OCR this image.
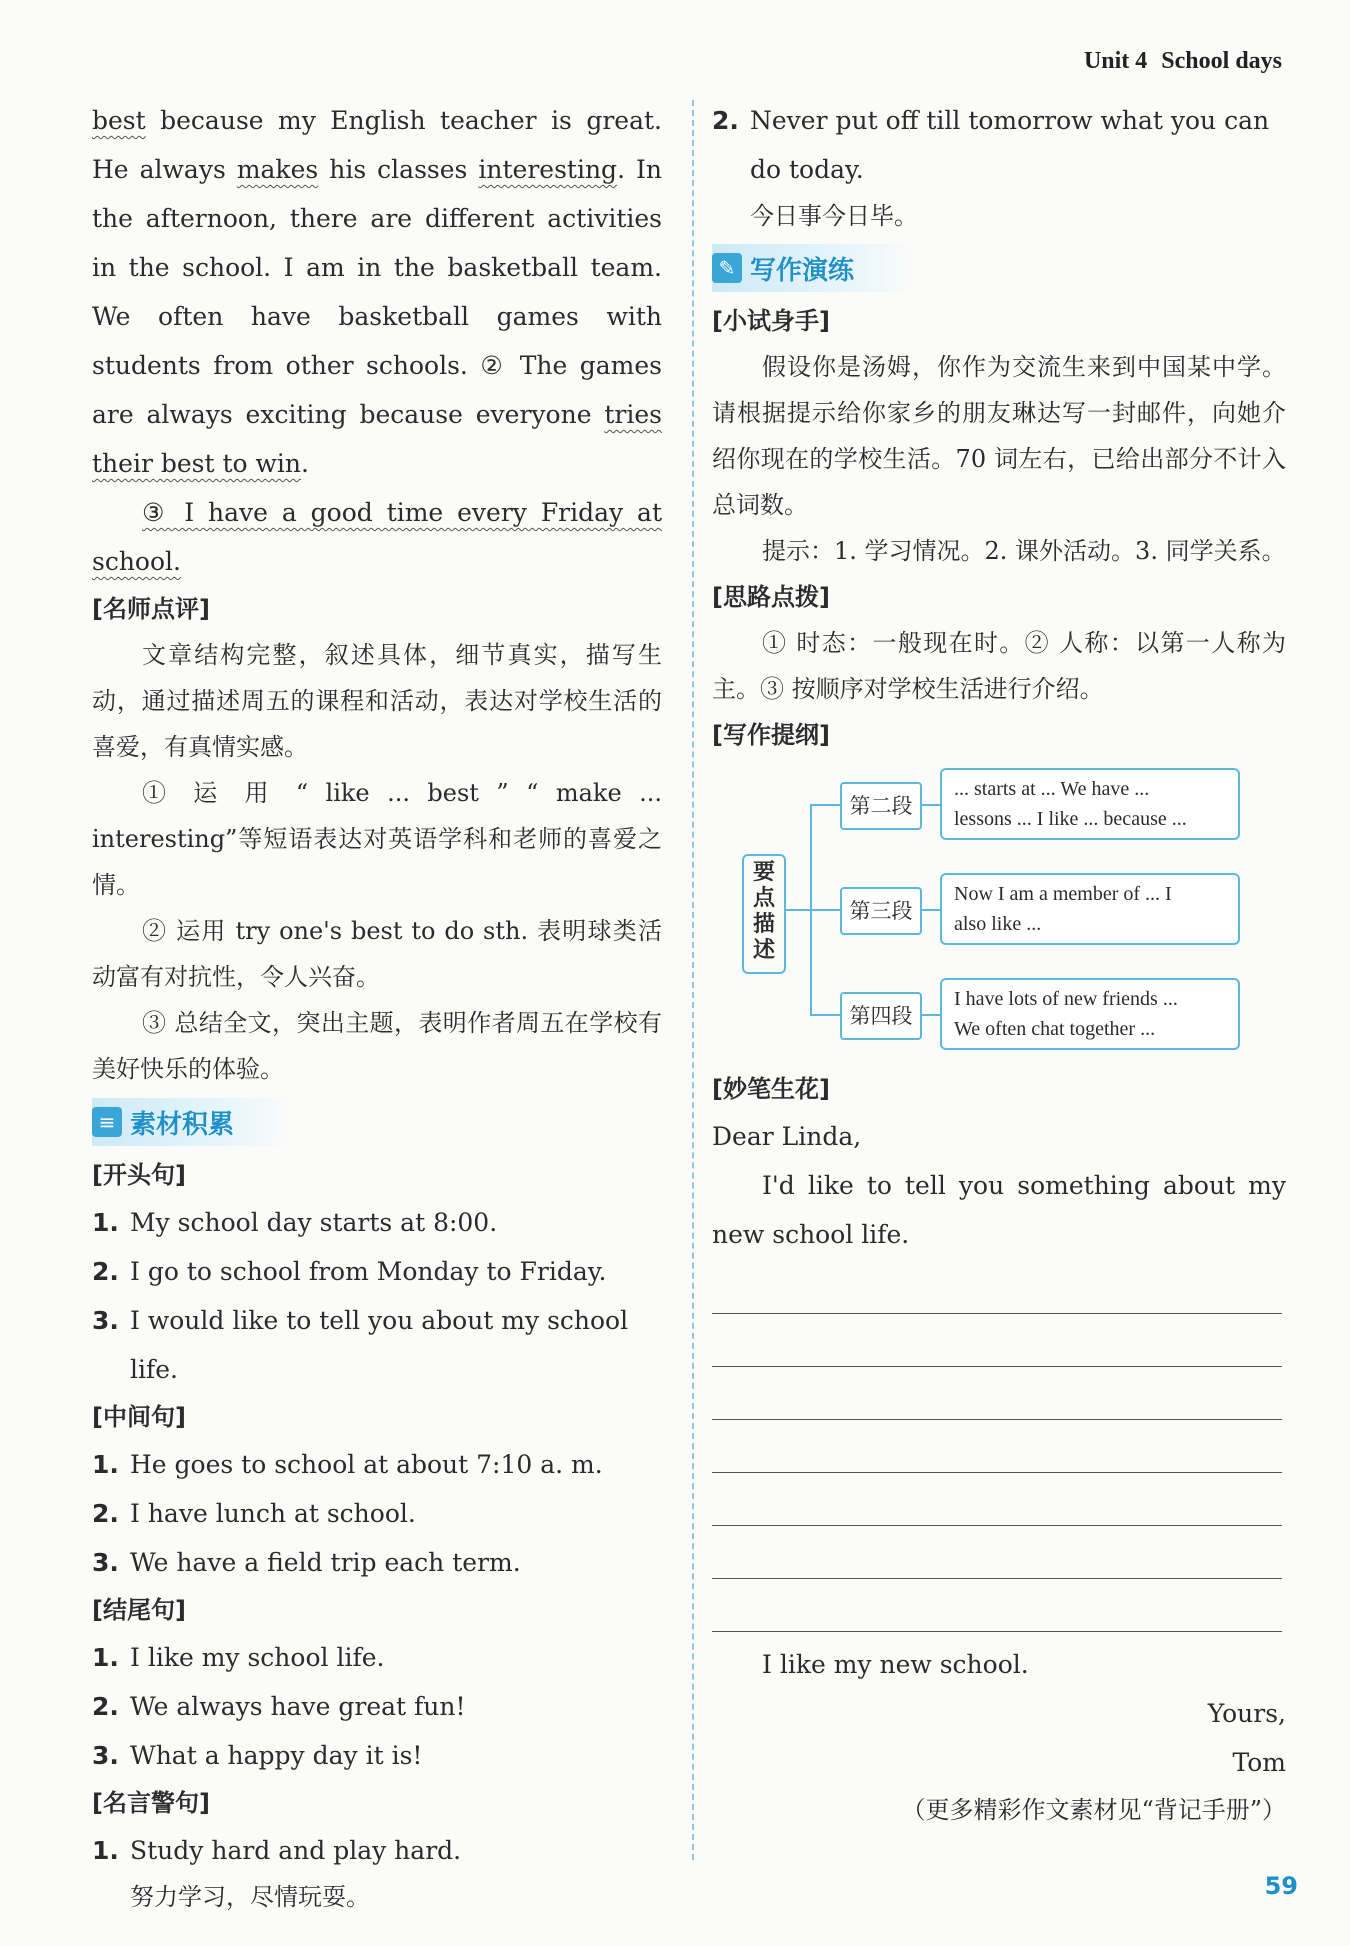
Unit 4 School days

best because my English teacher is great. He always makes his classes interesting. In the afternoon, there are different activities in the school. I am in the basketball team. We often have basketball games with students from other schools. ② The games are always exciting because everyone tries their best to win.

③ I have a good time every Friday at school.

[名师点评]

文章结构完整，叙述具体，细节真实，描写生动，通过描述周五的课程和活动，表达对学校生活的喜爱，有真情实感。

① 运 用 “ like ... best ” “ make ... interesting”等短语表达对英语学科和老师的喜爱之情。

② 运用 try one's best to do sth. 表明球类活动富有对抗性，令人兴奋。

③ 总结全文，突出主题，表明作者周五在学校有美好快乐的体验。

≡ 素材积累

[开头句]

1. My school day starts at 8:00.

2. I go to school from Monday to Friday.

3. I would like to tell you about my school life.

[中间句]

1. He goes to school at about 7:10 a. m.

2. I have lunch at school.

3. We have a field trip each term.

[结尾句]

1. I like my school life.

2. We always have great fun!

3. What a happy day it is!

[名言警句]

1. Study hard and play hard.

努力学习，尽情玩耍。

2. Never put off till tomorrow what you can do today.

今日事今日毕。

✎ 写作演练

[小试身手]

假设你是汤姆，你作为交流生来到中国某中学。请根据提示给你家乡的朋友琳达写一封邮件，向她介绍你现在的学校生活。70 词左右，已给出部分不计入总词数。

提示：1. 学习情况。2. 课外活动。3. 同学关系。

[思路点拨]

① 时态：一般现在时。② 人称：以第一人称为主。③ 按顺序对学校生活进行介绍。

[写作提纲]

要点描述
第二段
... starts at ... We have ...
lessons ... I like ... because ...
第三段
Now I am a member of ... I
also like ...
第四段
I have lots of new friends ...
We often chat together ...

[妙笔生花]

Dear Linda,

I'd like to tell you something about my new school life.

I like my new school.

Yours,

Tom

（更多精彩作文素材见“背记手册”）

59
